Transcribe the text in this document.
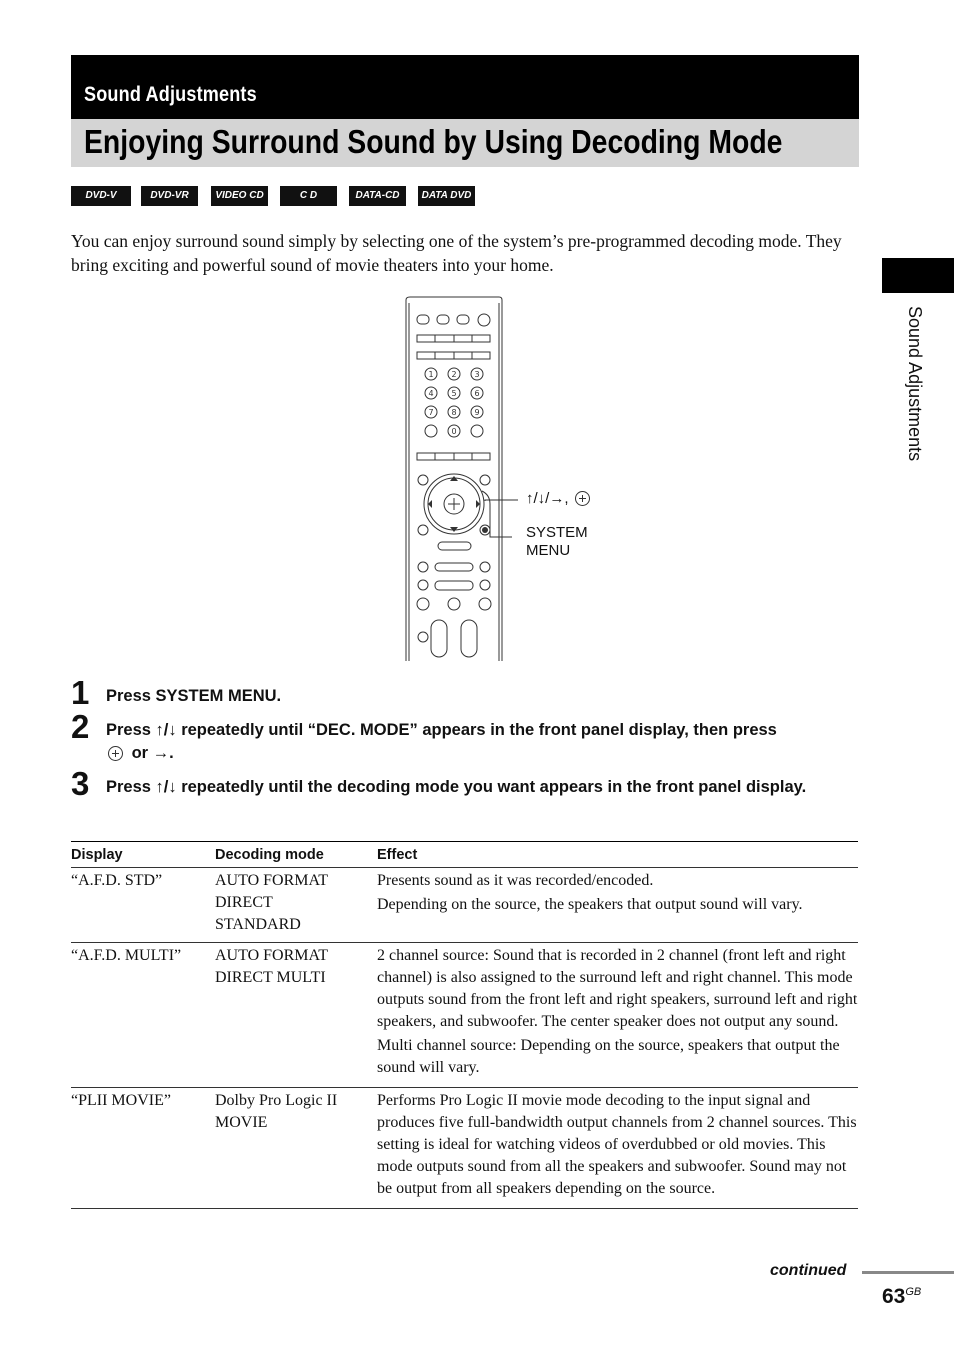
Sound Adjustments
Enjoying Surround Sound by Using Decoding Mode
DVD-V	DVD-VR	VIDEO CD	C D	DATA-CD	DATA DVD
You can enjoy surround sound simply by selecting one of the system’s pre-programmed decoding mode. They bring exciting and powerful sound of movie theaters into your home.
Sound Adjustments
1 2 3
4 5 6
7 8 9
0
↑/↓/→,
SYSTEM
MENU
1 Press SYSTEM MENU.
2 Press ↑/↓ repeatedly until “DEC. MODE” appears in the front panel display, then press
or →.
3 Press ↑/↓ repeatedly until the decoding mode you want appears in the front panel display.
Display	Decoding mode	Effect
“A.F.D. STD”	AUTO FORMAT DIRECT STANDARD	Presents sound as it was recorded/encoded.

Depending on the source, the speakers that output sound will vary.

“A.F.D. MULTI”	AUTO FORMAT DIRECT MULTI	2 channel source: Sound that is recorded in 2 channel (front left and right channel) is also assigned to the surround left and right channel. This mode outputs sound from the front left and right speakers, surround left and right speakers, and subwoofer. The center speaker does not output any sound.

Multi channel source: Depending on the source, speakers that output the sound will vary.

“PLII MOVIE”	Dolby Pro Logic II MOVIE	Performs Pro Logic II movie mode decoding to the input signal and produces five full-bandwidth output channels from 2 channel sources. This setting is ideal for watching videos of overdubbed or old movies. This mode outputs sound from all the speakers and subwoofer. Sound may not be output from all speakers depending on the source.

continued
$63^{GB}$
